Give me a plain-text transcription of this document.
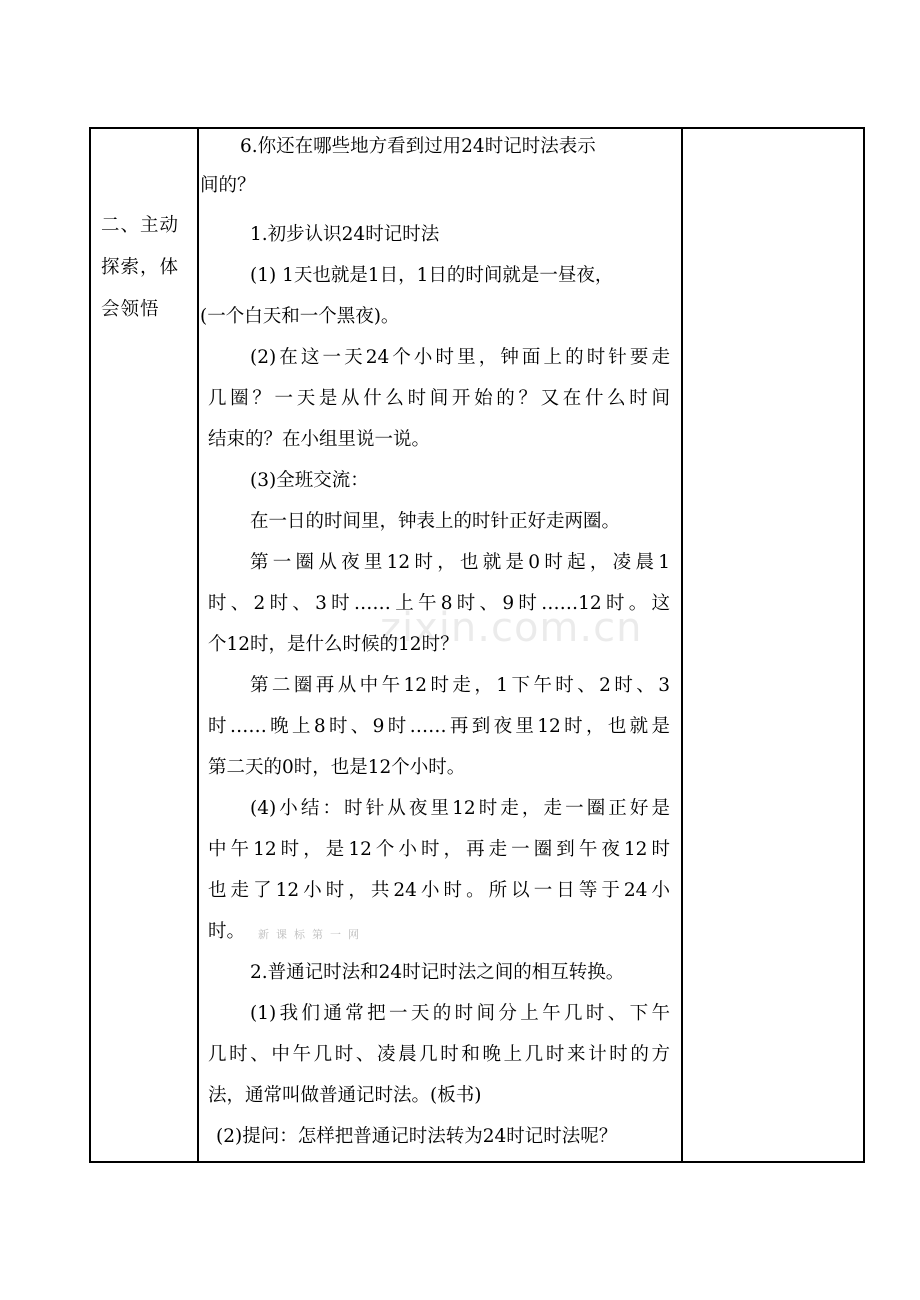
二、主动
探索，体
会领悟
6.你还在哪些地方看到过用24时记时法表示
间的？
1.初步认识24时记时法
(1) 1天也就是1日，1日的时间就是一昼夜，
(一个白天和一个黑夜)。
(2)在这一天24个小时里，钟面上的时针要走
几圈？一天是从什么时间开始的？又在什么时间
结束的？在小组里说一说。
(3)全班交流：
在一日的时间里，钟表上的时针正好走两圈。
第一圈从夜里12时，也就是0时起，凌晨1
时、2时、3时……上午8时、9时……12时。这
个12时，是什么时候的12时？
第二圈再从中午12时走，1下午时、2时、3
时……晚上8时、9时……再到夜里12时，也就是
第二天的0时，也是12个小时。
(4)小结：时针从夜里12时走，走一圈正好是
中午12时，是12个小时，再走一圈到午夜12时
也走了12小时，共24小时。所以一日等于24小
时。 新课标第一网
2.普通记时法和24时记时法之间的相互转换。
(1)我们通常把一天的时间分上午几时、下午
几时、中午几时、凌晨几时和晚上几时来计时的方
法，通常叫做普通记时法。(板书)
(2)提问：怎样把普通记时法转为24时记时法呢？
zixin.com.cn
